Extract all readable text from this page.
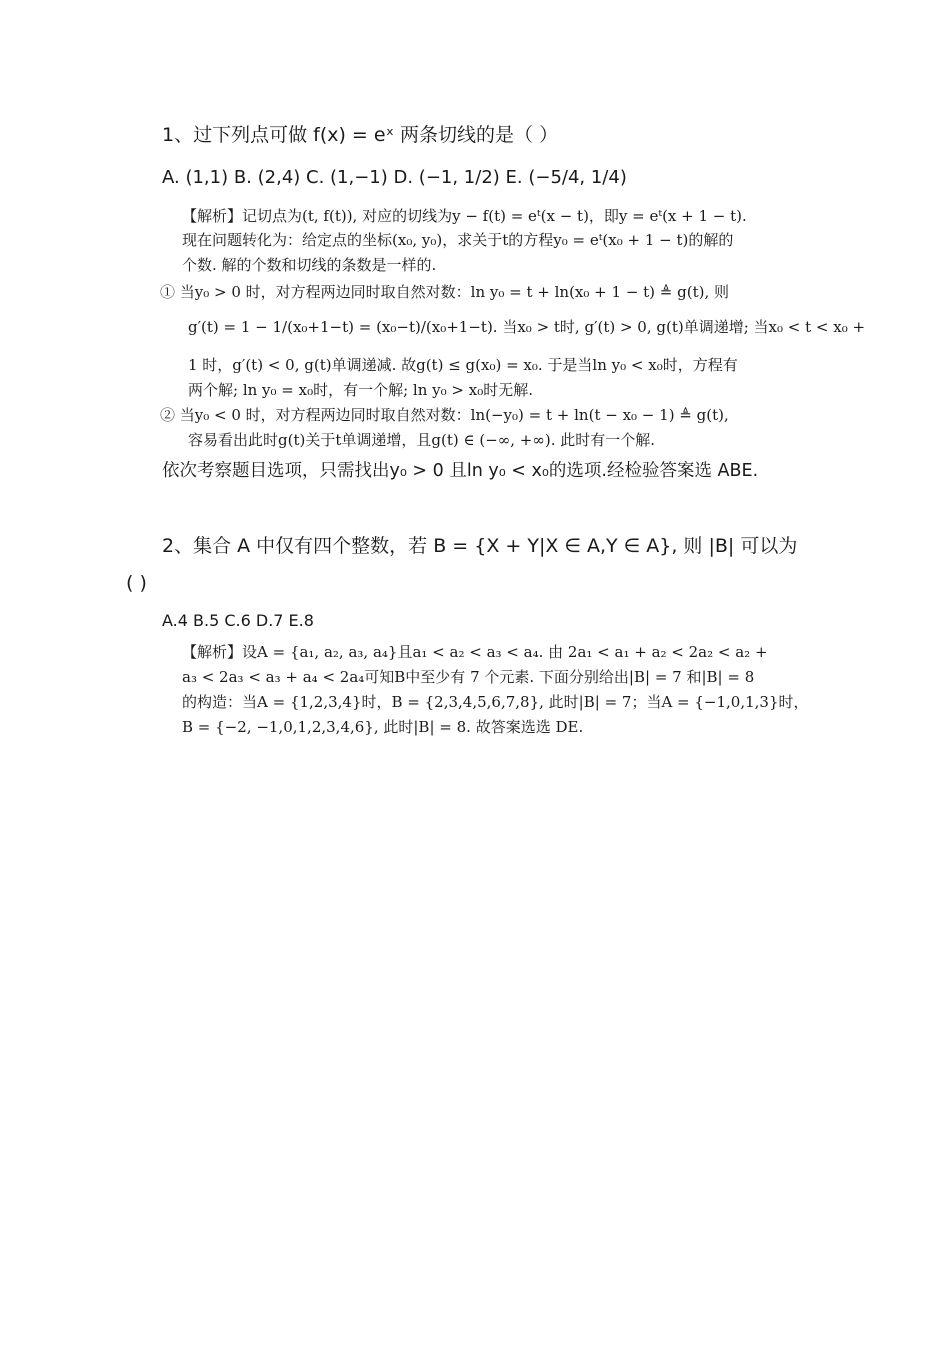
1、过下列点可做 f(x) = eˣ 两条切线的是（ ）
A. (1,1) B. (2,4) C. (1,−1) D. (−1, 1/2) E. (−5/4, 1/4)
【解析】记切点为(t, f(t)), 对应的切线为y − f(t) = eᵗ(x − t)，即y = eᵗ(x + 1 − t).
现在问题转化为：给定点的坐标(x₀, y₀)，求关于t的方程y₀ = eᵗ(x₀ + 1 − t)的解的
个数. 解的个数和切线的条数是一样的.
① 当y₀ > 0 时，对方程两边同时取自然对数：ln y₀ = t + ln(x₀ + 1 − t) ≜ g(t), 则
g′(t) = 1 − 1/(x₀+1−t) = (x₀−t)/(x₀+1−t). 当x₀ > t时, g′(t) > 0, g(t)单调递增; 当x₀ < t < x₀ +
1 时，g′(t) < 0, g(t)单调递减. 故g(t) ≤ g(x₀) = x₀. 于是当ln y₀ < x₀时，方程有
两个解; ln y₀ = x₀时，有一个解; ln y₀ > x₀时无解.
② 当y₀ < 0 时，对方程两边同时取自然对数：ln(−y₀) = t + ln(t − x₀ − 1) ≜ g(t),
容易看出此时g(t)关于t单调递增，且g(t) ∈ (−∞, +∞). 此时有一个解.
依次考察题目选项，只需找出y₀ > 0 且ln y₀ < x₀的选项.经检验答案选 ABE.
2、集合 A 中仅有四个整数，若 B = {X + Y|X ∈ A,Y ∈ A}, 则 |B| 可以为
( )
A.4 B.5 C.6 D.7 E.8
【解析】设A = {a₁, a₂, a₃, a₄}且a₁ < a₂ < a₃ < a₄. 由 2a₁ < a₁ + a₂ < 2a₂ < a₂ +
a₃ < 2a₃ < a₃ + a₄ < 2a₄可知B中至少有 7 个元素. 下面分别给出|B| = 7 和|B| = 8
的构造：当A = {1,2,3,4}时，B = {2,3,4,5,6,7,8}, 此时|B| = 7；当A = {−1,0,1,3}时，
B = {−2, −1,0,1,2,3,4,6}, 此时|B| = 8. 故答案选选 DE.
